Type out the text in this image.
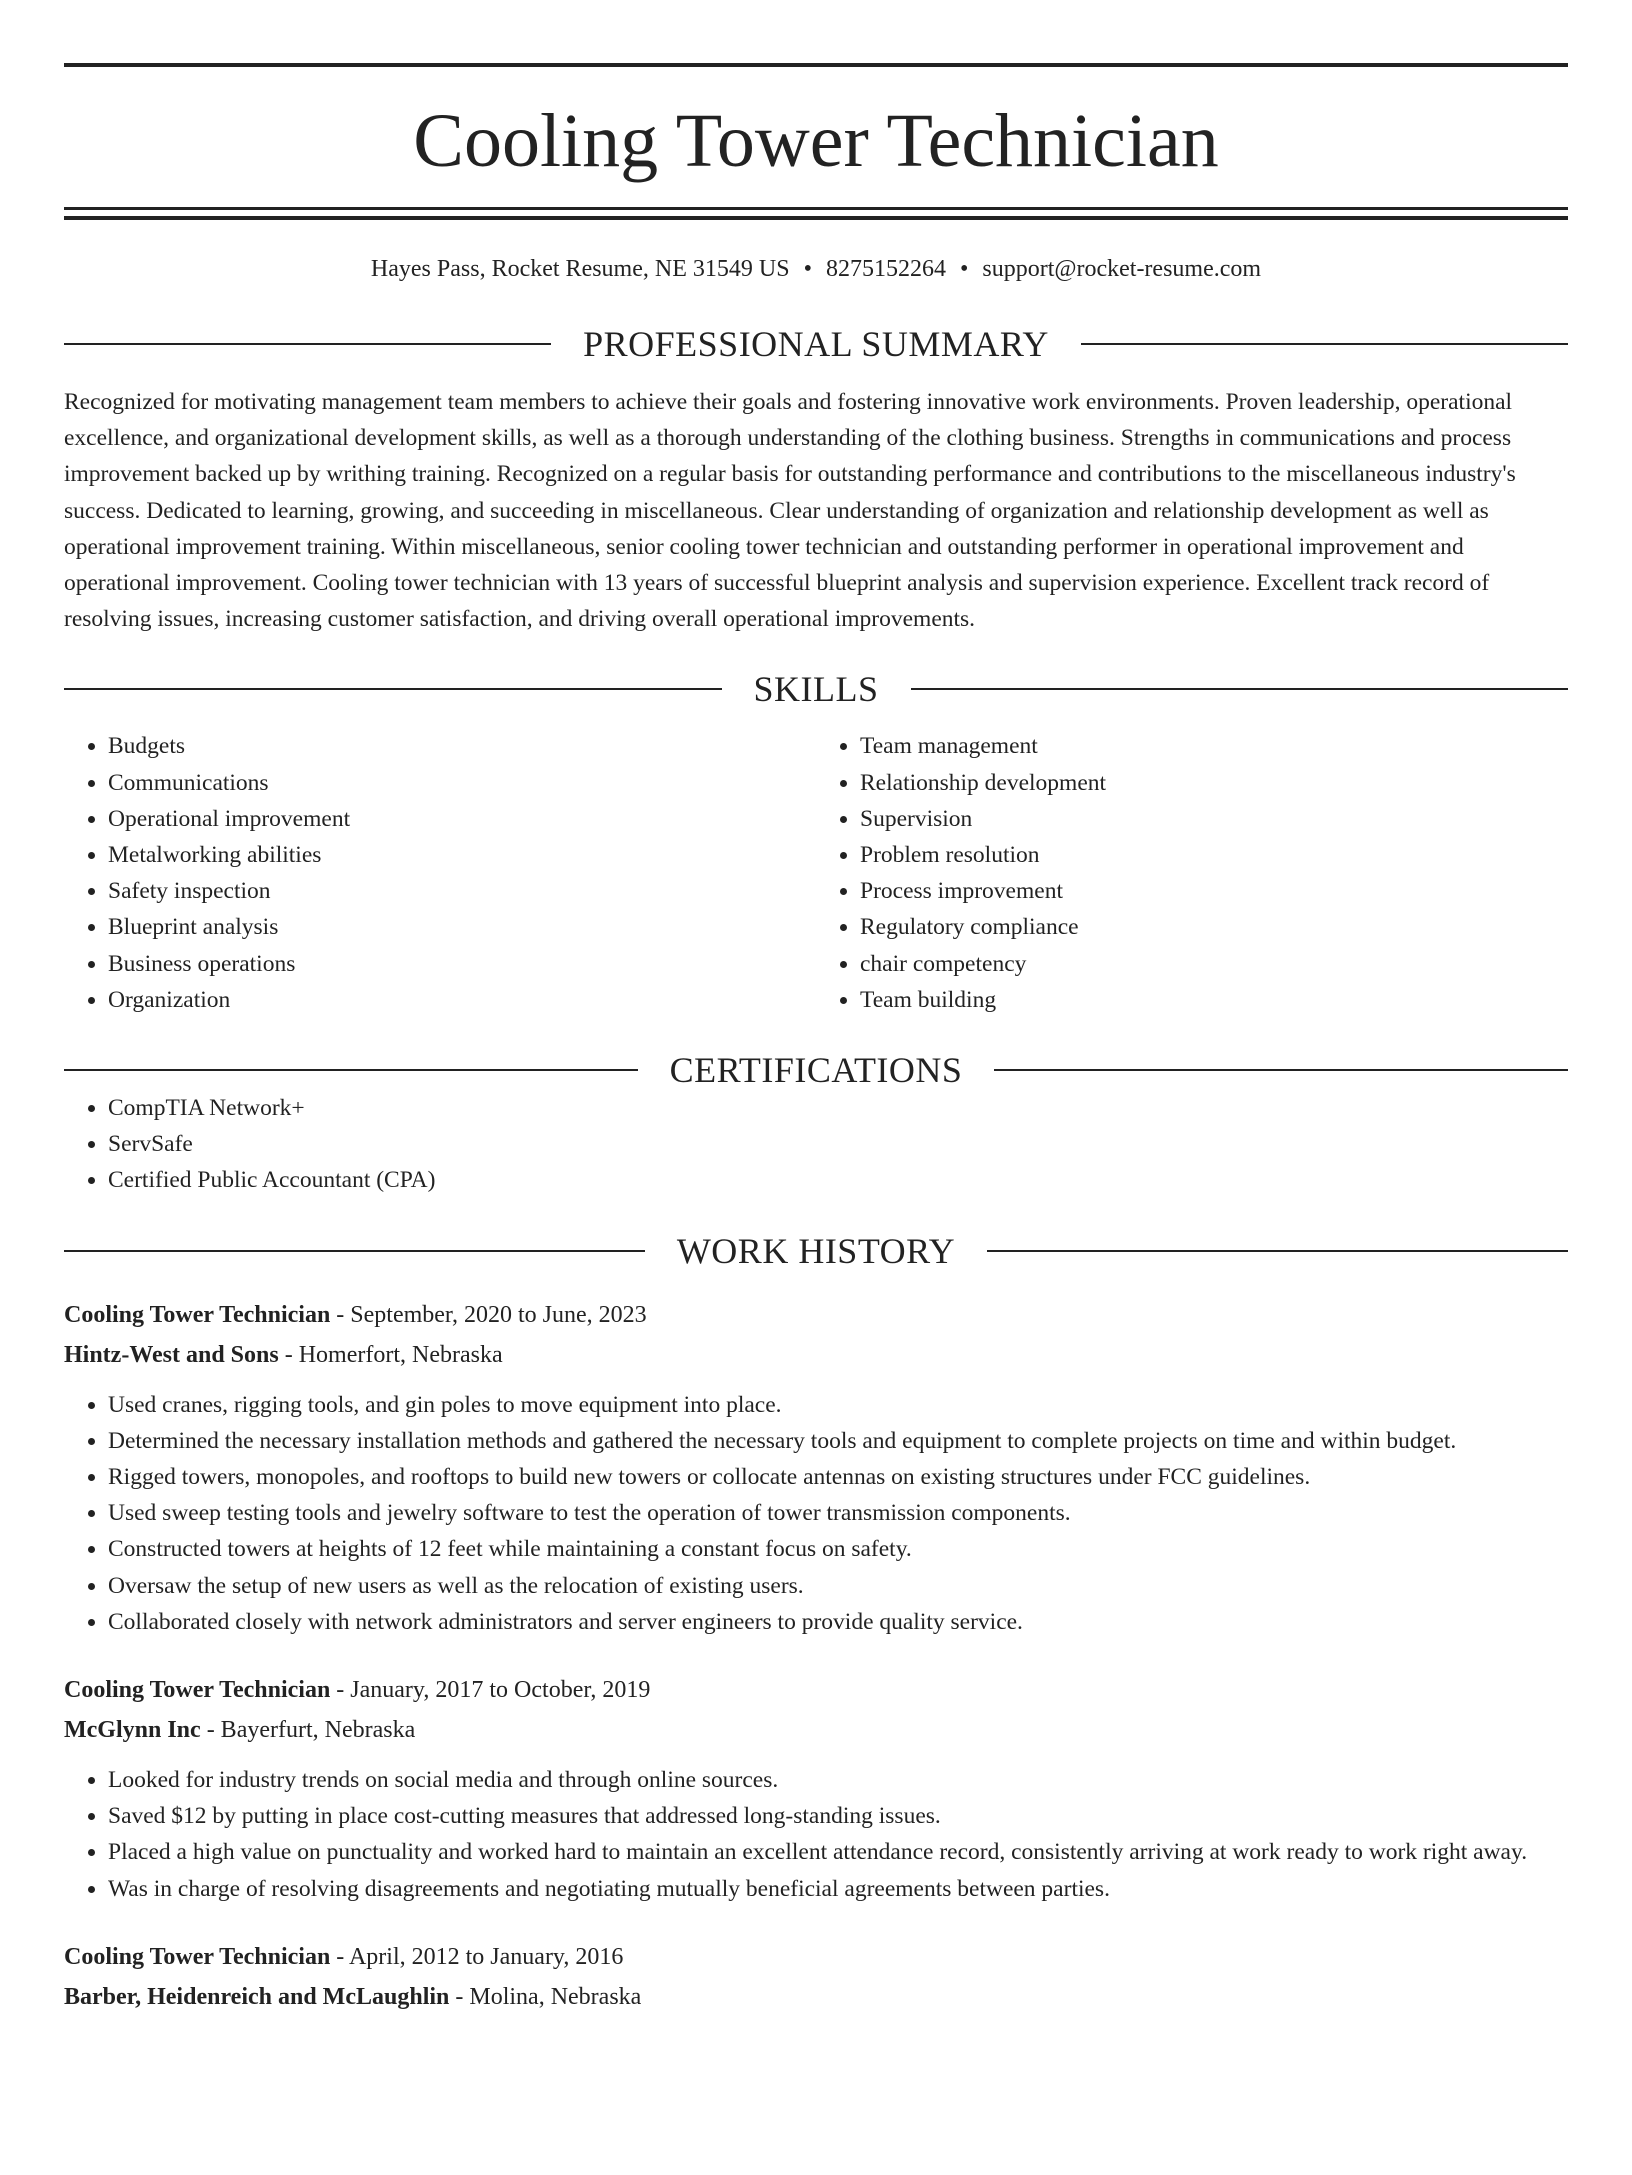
Cooling Tower Technician
Hayes Pass, Rocket Resume, NE 31549 US • 8275152264 • support@rocket-resume.com
PROFESSIONAL SUMMARY

Recognized for motivating management team members to achieve their goals and fostering innovative work environments. Proven leadership, operational excellence, and organizational development skills, as well as a thorough understanding of the clothing business. Strengths in communications and process improvement backed up by writhing training. Recognized on a regular basis for outstanding performance and contributions to the miscellaneous industry's success. Dedicated to learning, growing, and succeeding in miscellaneous. Clear understanding of organization and relationship development as well as operational improvement training. Within miscellaneous, senior cooling tower technician and outstanding performer in operational improvement and operational improvement. Cooling tower technician with 13 years of successful blueprint analysis and supervision experience. Excellent track record of resolving issues, increasing customer satisfaction, and driving overall operational improvements.

SKILLS
• Budgets
• Communications
• Operational improvement
• Metalworking abilities
• Safety inspection
• Blueprint analysis
• Business operations
• Organization
• Team management
• Relationship development
• Supervision
• Problem resolution
• Process improvement
• Regulatory compliance
• chair competency
• Team building
CERTIFICATIONS
• CompTIA Network+
• ServSafe
• Certified Public Accountant (CPA)
WORK HISTORY
Cooling Tower Technician - September, 2020 to June, 2023
Hintz-West and Sons - Homerfort, Nebraska
• Used cranes, rigging tools, and gin poles to move equipment into place.
• Determined the necessary installation methods and gathered the necessary tools and equipment to complete projects on time and within budget.
• Rigged towers, monopoles, and rooftops to build new towers or collocate antennas on existing structures under FCC guidelines.
• Used sweep testing tools and jewelry software to test the operation of tower transmission components.
• Constructed towers at heights of 12 feet while maintaining a constant focus on safety.
• Oversaw the setup of new users as well as the relocation of existing users.
• Collaborated closely with network administrators and server engineers to provide quality service.
Cooling Tower Technician - January, 2017 to October, 2019
McGlynn Inc - Bayerfurt, Nebraska
• Looked for industry trends on social media and through online sources.
• Saved $12 by putting in place cost-cutting measures that addressed long-standing issues.
• Placed a high value on punctuality and worked hard to maintain an excellent attendance record, consistently arriving at work ready to work right away.
• Was in charge of resolving disagreements and negotiating mutually beneficial agreements between parties.
Cooling Tower Technician - April, 2012 to January, 2016
Barber, Heidenreich and McLaughlin - Molina, Nebraska
